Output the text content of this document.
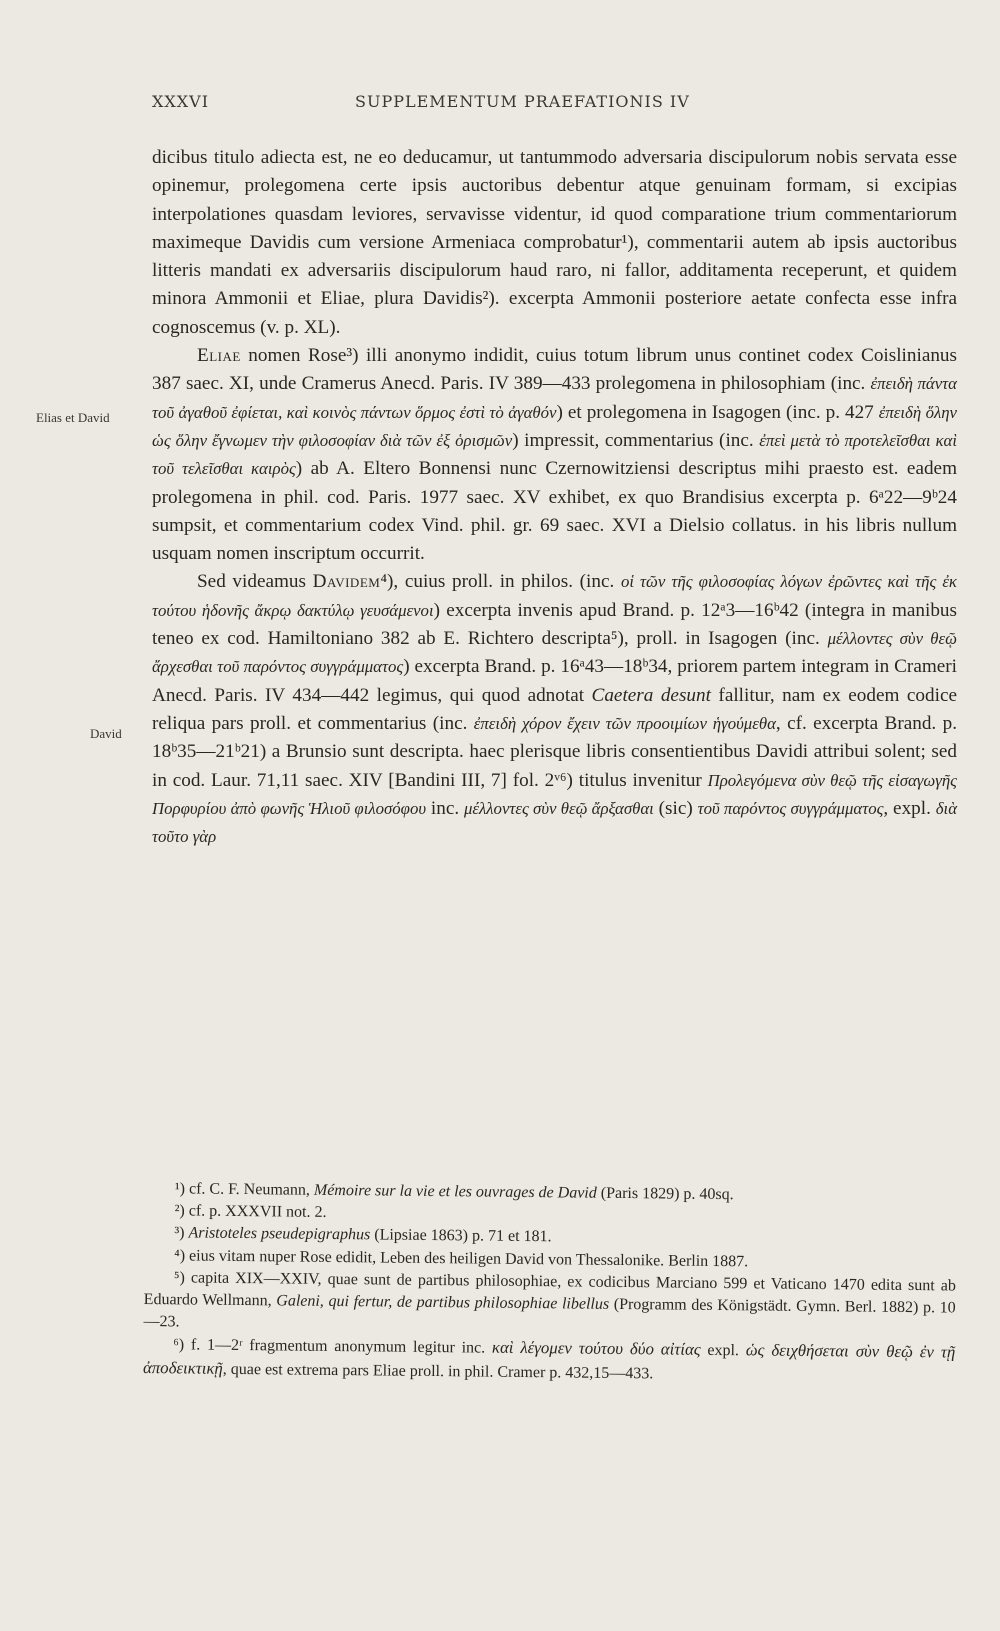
XXXVI	SUPPLEMENTUM PRAEFATIONIS IV
Elias et David
David

dicibus titulo adiecta est, ne eo deducamur, ut tantummodo adversaria discipulorum nobis servata esse opinemur, prolegomena certe ipsis auctoribus debentur atque genuinam formam, si excipias interpolationes quasdam leviores, servavisse videntur, id quod comparatione trium commentariorum maximeque Davidis cum versione Armeniaca comprobatur¹), commentarii autem ab ipsis auctoribus litteris mandati ex adversariis discipulorum haud raro, ni fallor, additamenta receperunt, et quidem minora Ammonii et Eliae, plura Davidis²). excerpta Ammonii posteriore aetate confecta esse infra cognoscemus (v. p. XL).

Eliae nomen Rose³) illi anonymo indidit, cuius totum librum unus continet codex Coislinianus 387 saec. XI, unde Cramerus Anecd. Paris. IV 389—433 prolegomena in philosophiam (inc. ἐπειδὴ πάντα τοῦ ἀγαθοῦ ἐφίεται, καὶ κοινὸς πάντων ὅρμος ἐστὶ τὸ ἀγαθόν) et prolegomena in Isagogen (inc. p. 427 ἐπειδὴ ὅλην ὡς ὅλην ἔγνωμεν τὴν φιλοσοφίαν διὰ τῶν ἐξ ὁρισμῶν) impressit, commentarius (inc. ἐπεὶ μετὰ τὸ προτελεῖσθαι καὶ τοῦ τελεῖσθαι καιρὸς) ab A. Eltero Bonnensi nunc Czernowitziensi descriptus mihi praesto est. eadem prolegomena in phil. cod. Paris. 1977 saec. XV exhibet, ex quo Brandisius excerpta p. 6ᵃ22—9ᵇ24 sumpsit, et commentarium codex Vind. phil. gr. 69 saec. XVI a Dielsio collatus. in his libris nullum usquam nomen inscriptum occurrit.

Sed videamus Davidem⁴), cuius proll. in philos. (inc. οἱ τῶν τῆς φιλοσοφίας λόγων ἐρῶντες καὶ τῆς ἐκ τούτου ἡδονῆς ἄκρῳ δακτύλῳ γευσάμενοι) excerpta invenis apud Brand. p. 12ᵃ3—16ᵇ42 (integra in manibus teneo ex cod. Hamiltoniano 382 ab E. Richtero descripta⁵), proll. in Isagogen (inc. μέλλοντες σὺν θεῷ ἄρχεσθαι τοῦ παρόντος συγγράμματος) excerpta Brand. p. 16ᵃ43—18ᵇ34, priorem partem integram in Crameri Anecd. Paris. IV 434—442 legimus, qui quod adnotat Caetera desunt fallitur, nam ex eodem codice reliqua pars proll. et commentarius (inc. ἐπειδὴ χόρον ἔχειν τῶν προοιμίων ἡγούμεθα, cf. excerpta Brand. p. 18ᵇ35—21ᵇ21) a Brunsio sunt descripta. haec plerisque libris consentientibus Davidi attribui solent; sed in cod. Laur. 71,11 saec. XIV [Bandini III, 7] fol. 2ᵛ⁶) titulus invenitur Προλεγόμενα σὺν θεῷ τῆς εἰσαγωγῆς Πορφυρίου ἀπὸ φωνῆς Ἡλιοῦ φιλοσόφου inc. μέλλοντες σὺν θεῷ ἄρξασθαι (sic) τοῦ παρόντος συγγράμματος, expl. διὰ τοῦτο γὰρ

¹) cf. C. F. Neumann, Mémoire sur la vie et les ouvrages de David (Paris 1829) p. 40sq.

²) cf. p. XXXVII not. 2.

³) Aristoteles pseudepigraphus (Lipsiae 1863) p. 71 et 181.

⁴) eius vitam nuper Rose edidit, Leben des heiligen David von Thessalonike. Berlin 1887.

⁵) capita XIX—XXIV, quae sunt de partibus philosophiae, ex codicibus Marciano 599 et Vaticano 1470 edita sunt ab Eduardo Wellmann, Galeni, qui fertur, de partibus philosophiae libellus (Programm des Königstädt. Gymn. Berl. 1882) p. 10—23.

⁶) f. 1—2ʳ fragmentum anonymum legitur inc. καὶ λέγομεν τούτου δύο αἰτίας expl. ὡς δειχθήσεται σὺν θεῷ ἐν τῇ ἀποδεικτικῇ, quae est extrema pars Eliae proll. in phil. Cramer p. 432,15—433.
